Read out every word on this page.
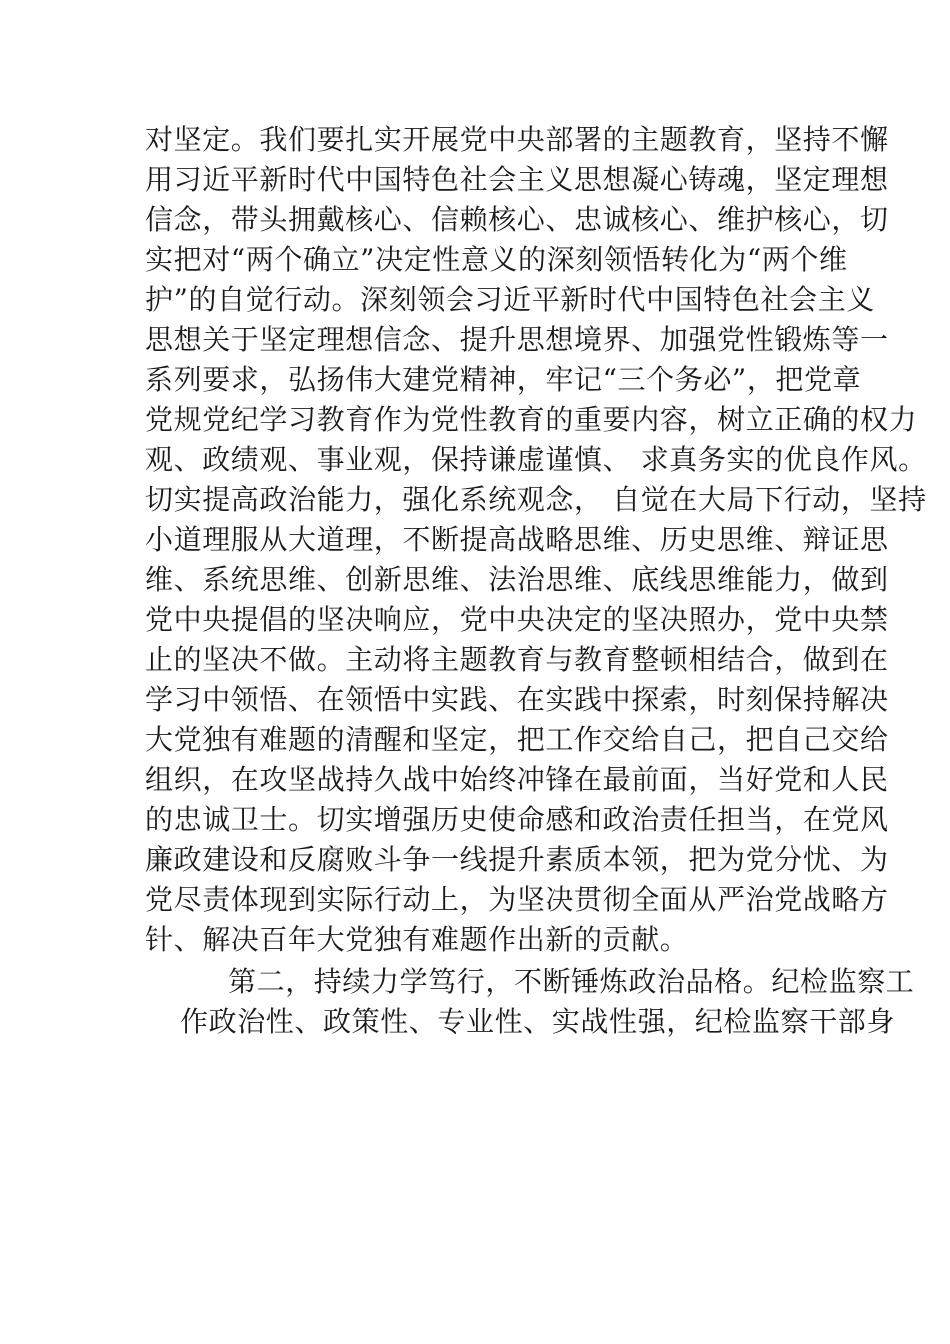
对坚定。我们要扎实开展党中央部署的主题教育，坚持不懈
用习近平新时代中国特色社会主义思想凝心铸魂，坚定理想
信念，带头拥戴核心、信赖核心、忠诚核心、维护核心，切
实把对“两个确立”决定性意义的深刻领悟转化为“两个维
护”的自觉行动。深刻领会习近平新时代中国特色社会主义
思想关于坚定理想信念、提升思想境界、加强党性锻炼等一
系列要求，弘扬伟大建党精神，牢记“三个务必”，把党章
党规党纪学习教育作为党性教育的重要内容，树立正确的权力
观、政绩观、事业观，保持谦虚谨慎、 求真务实的优良作风。
切实提高政治能力，强化系统观念， 自觉在大局下行动，坚持
小道理服从大道理，不断提高战略思维、历史思维、辩证思
维、系统思维、创新思维、法治思维、底线思维能力，做到
党中央提倡的坚决响应，党中央决定的坚决照办，党中央禁
止的坚决不做。主动将主题教育与教育整顿相结合，做到在
学习中领悟、在领悟中实践、在实践中探索，时刻保持解决
大党独有难题的清醒和坚定，把工作交给自己，把自己交给
组织，在攻坚战持久战中始终冲锋在最前面，当好党和人民
的忠诚卫士。切实增强历史使命感和政治责任担当，在党风
廉政建设和反腐败斗争一线提升素质本领，把为党分忧、为
党尽责体现到实际行动上，为坚决贯彻全面从严治党战略方
针、解决百年大党独有难题作出新的贡献。
第二，持续力学笃行，不断锤炼政治品格。纪检监察工
作政治性、政策性、专业性、实战性强，纪检监察干部身
